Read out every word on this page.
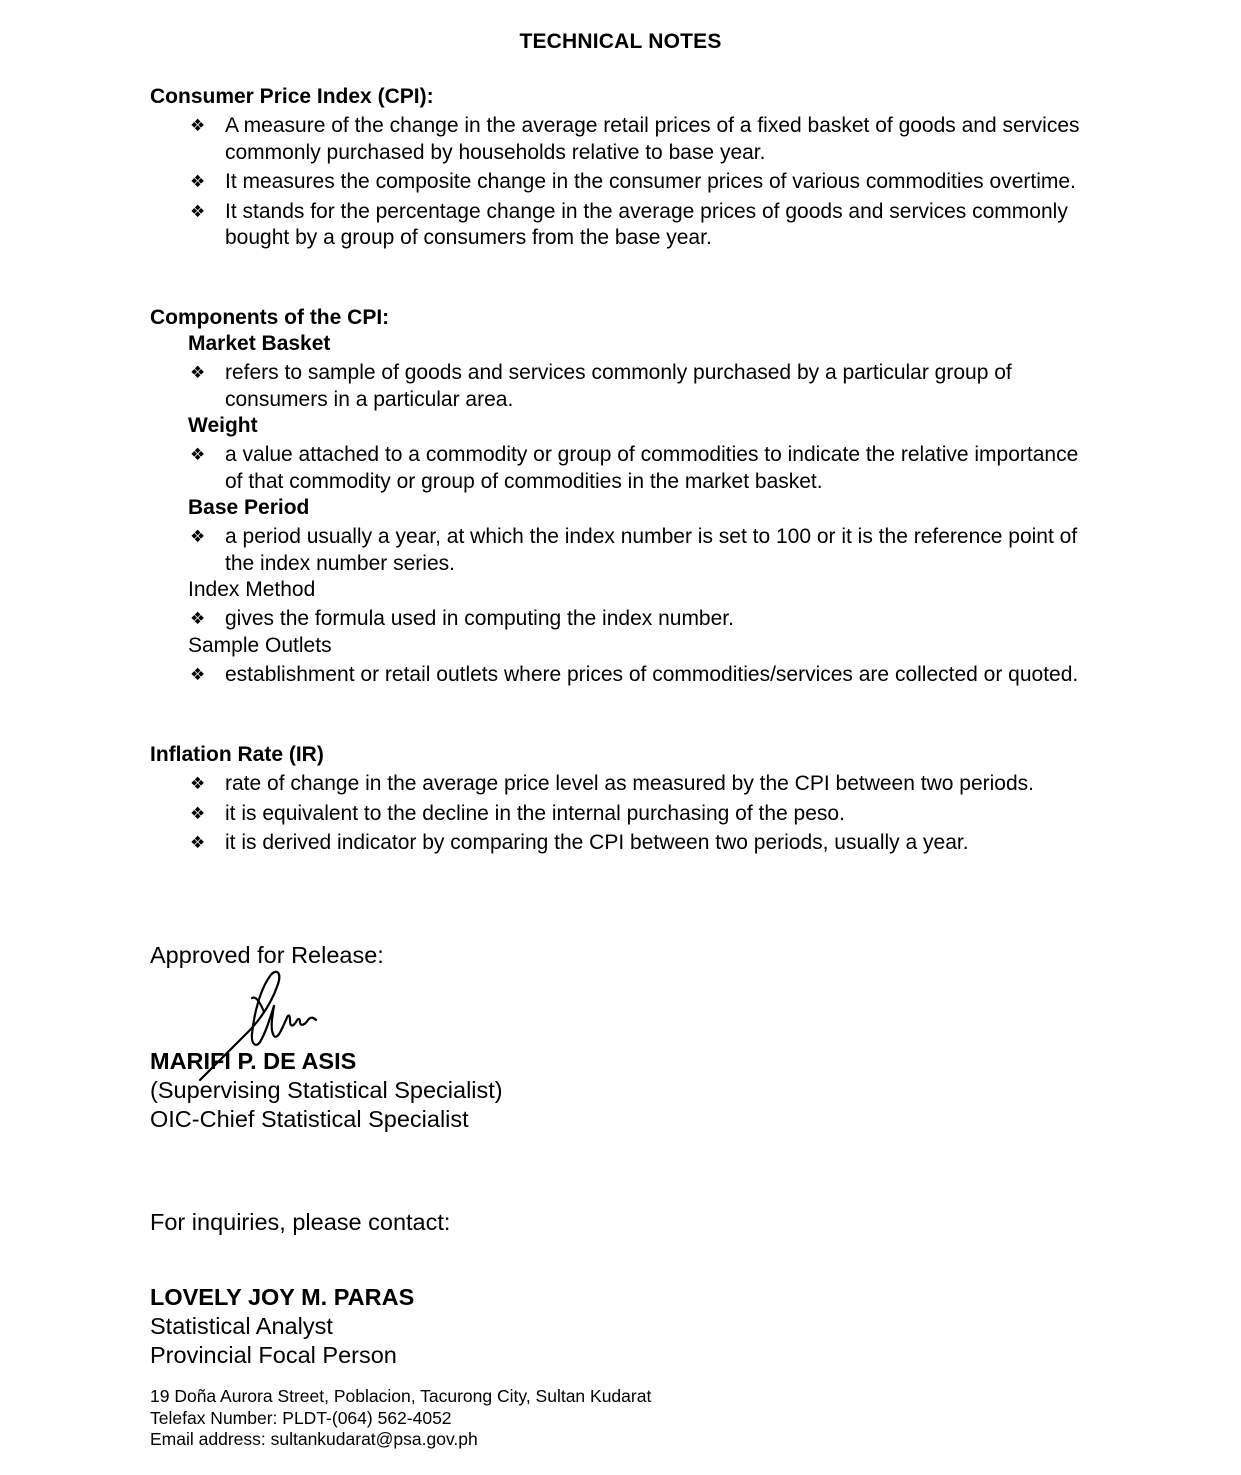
TECHNICAL NOTES
Consumer Price Index (CPI):
❖ A measure of the change in the average retail prices of a fixed basket of goods and services commonly purchased by households relative to base year.
❖ It measures the composite change in the consumer prices of various commodities overtime.
❖ It stands for the percentage change in the average prices of goods and services commonly bought by a group of consumers from the base year.
Components of the CPI:
Market Basket
❖ refers to sample of goods and services commonly purchased by a particular group of consumers in a particular area.
Weight
❖ a value attached to a commodity or group of commodities to indicate the relative importance of that commodity or group of commodities in the market basket.
Base Period
❖ a period usually a year, at which the index number is set to 100 or it is the reference point of the index number series.
Index Method
❖ gives the formula used in computing the index number.
Sample Outlets
❖ establishment or retail outlets where prices of commodities/services are collected or quoted.
Inflation Rate (IR)
❖ rate of change in the average price level as measured by the CPI between two periods.
❖ it is equivalent to the decline in the internal purchasing of the peso.
❖ it is derived indicator by comparing the CPI between two periods, usually a year.
Approved for Release:
MARIFI P. DE ASIS
(Supervising Statistical Specialist)
OIC-Chief Statistical Specialist
For inquiries, please contact:
LOVELY JOY M. PARAS
Statistical Analyst
Provincial Focal Person
19 Doña Aurora Street, Poblacion, Tacurong City, Sultan Kudarat
Telefax Number: PLDT-(064) 562-4052
Email address: sultankudarat@psa.gov.ph
